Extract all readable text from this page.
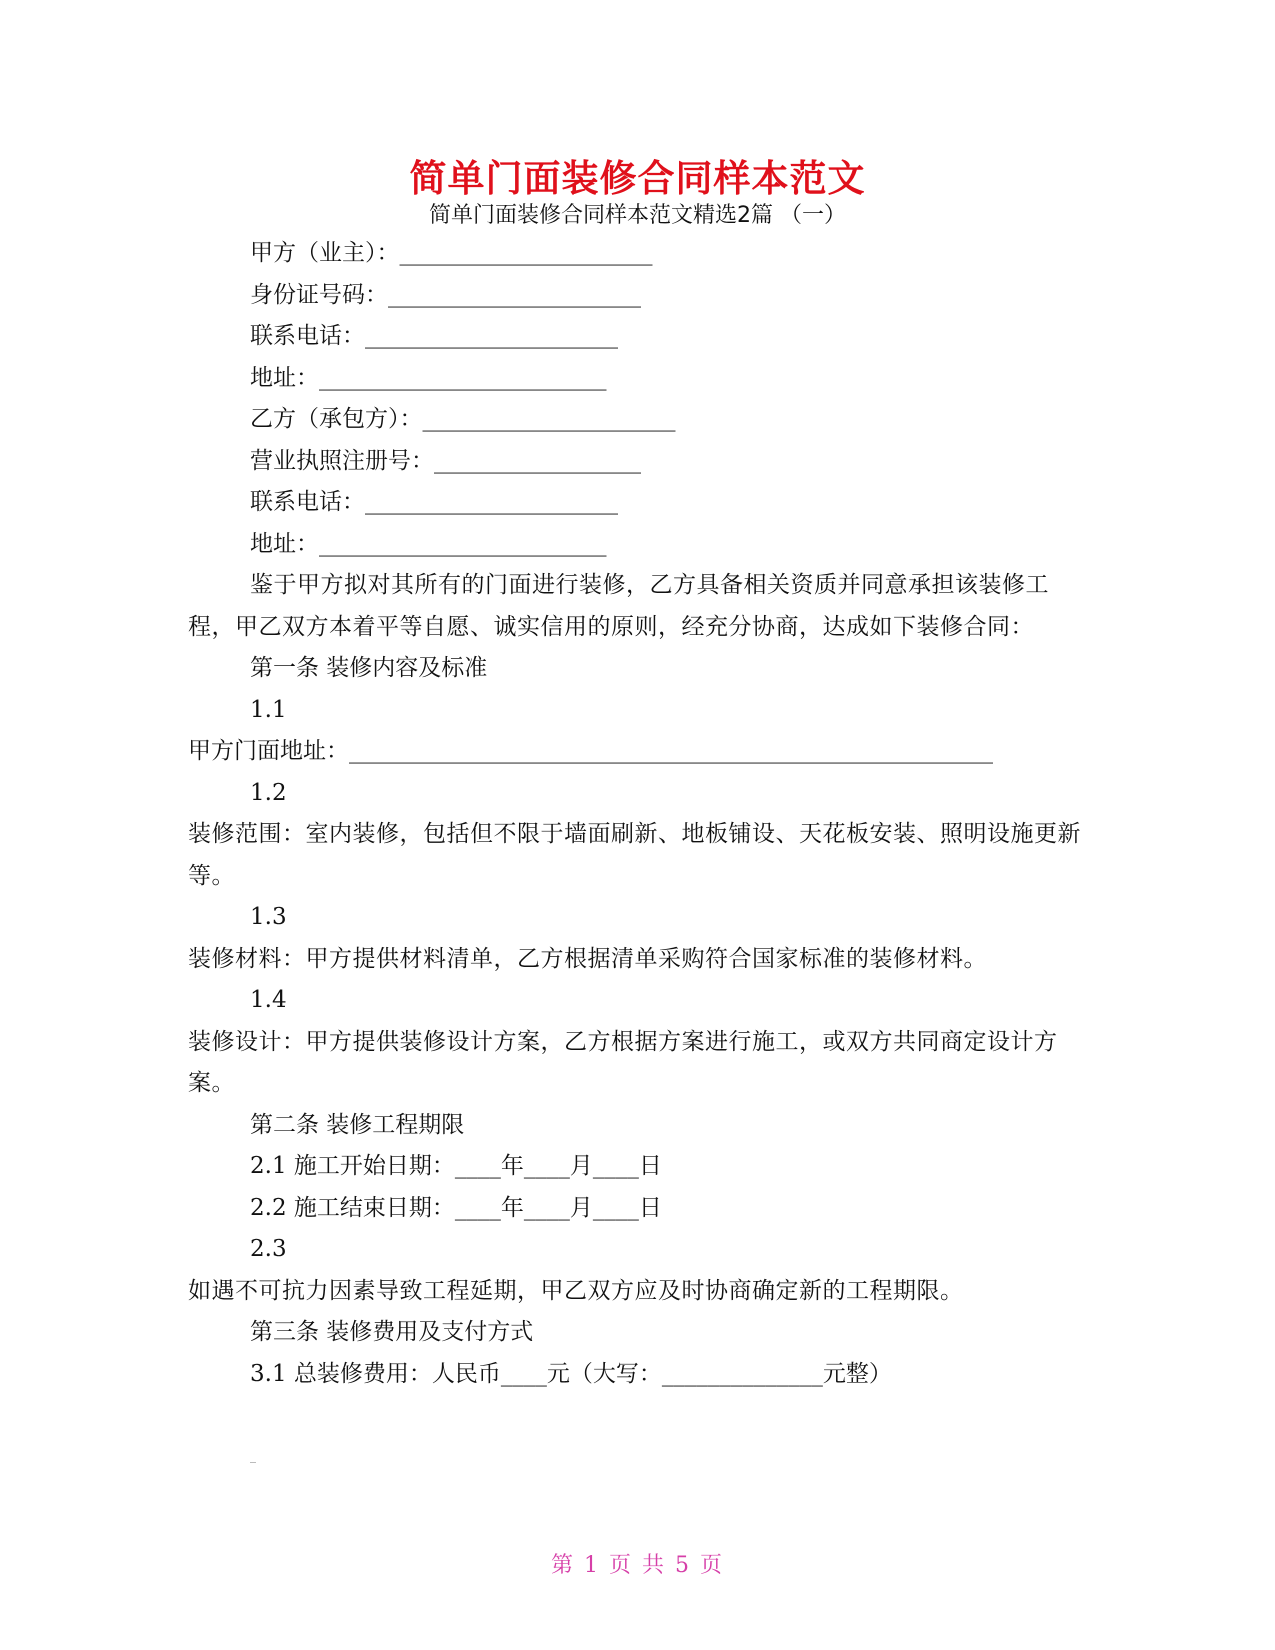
简单门面装修合同样本范文
简单门面装修合同样本范文精选2篇 （一）
甲方（业主）：______________________
身份证号码：______________________
联系电话：______________________
地址：_________________________
乙方（承包方）：______________________
营业执照注册号：__________________
联系电话：______________________
地址：_________________________
鉴于甲方拟对其所有的门面进行装修，乙方具备相关资质并同意承担该装修工程，甲乙双方本着平等自愿、诚实信用的原则，经充分协商，达成如下装修合同：
第一条 装修内容及标准
1.1
甲方门面地址：________________________________________________________
1.2
装修范围：室内装修，包括但不限于墙面刷新、地板铺设、天花板安装、照明设施更新等。
1.3
装修材料：甲方提供材料清单，乙方根据清单采购符合国家标准的装修材料。
1.4
装修设计：甲方提供装修设计方案，乙方根据方案进行施工，或双方共同商定设计方案。
第二条 装修工程期限
2.1 施工开始日期：____年____月____日
2.2 施工结束日期：____年____月____日
2.3
如遇不可抗力因素导致工程延期，甲乙双方应及时协商确定新的工程期限。
第三条 装修费用及支付方式
3.1 总装修费用：人民币____元（大写：______________元整）
第 1 页 共 5 页
